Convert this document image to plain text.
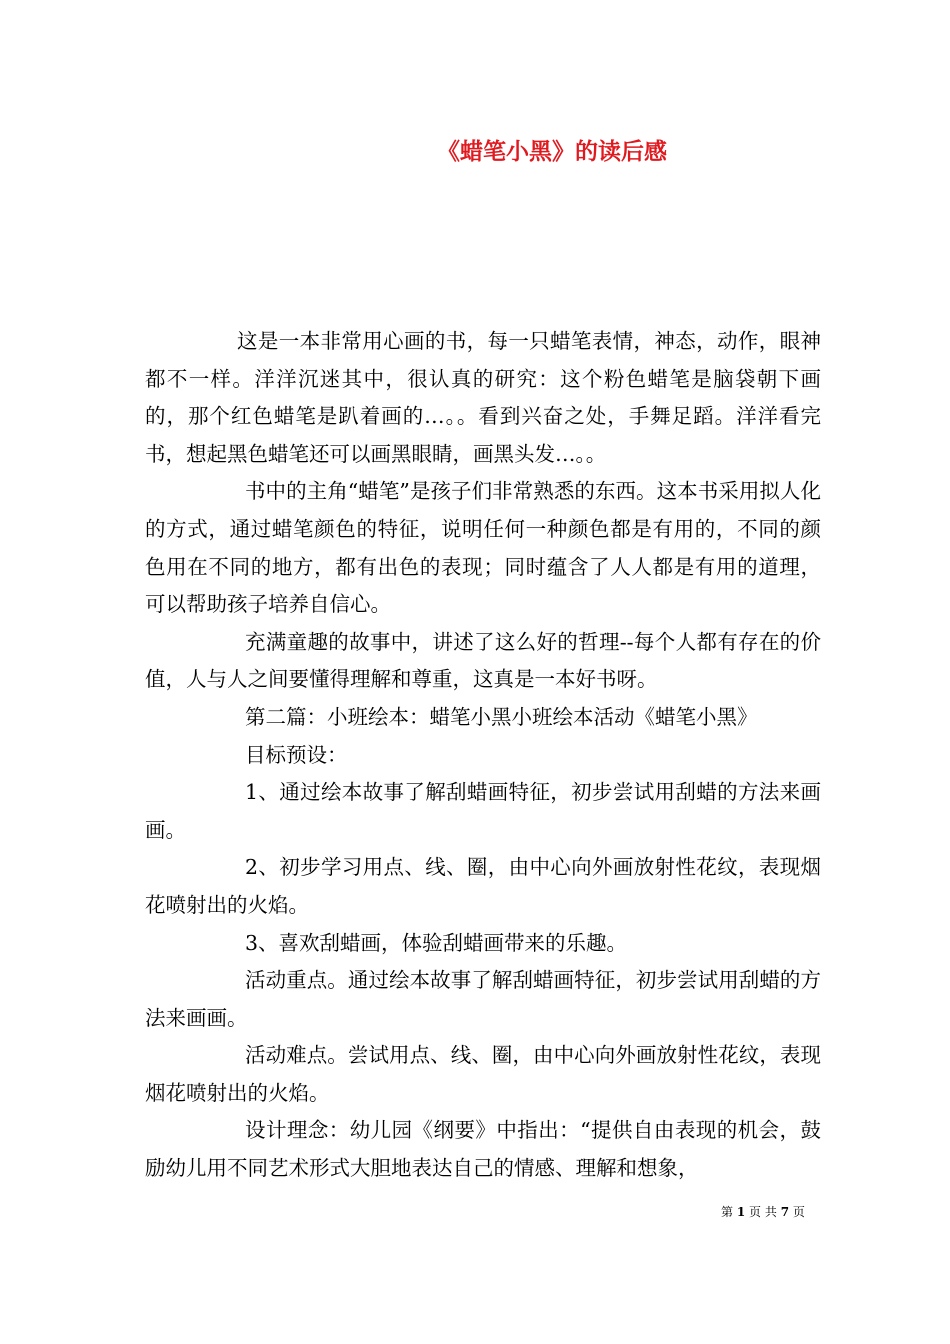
《蜡笔小黑》的读后感

这是一本非常用心画的书，每一只蜡笔表情，神态，动作，眼神都不一样。洋洋沉迷其中，很认真的研究：这个粉色蜡笔是脑袋朝下画的，那个红色蜡笔是趴着画的…。。看到兴奋之处，手舞足蹈。洋洋看完书，想起黑色蜡笔还可以画黑眼睛，画黑头发…。。

书中的主角“蜡笔”是孩子们非常熟悉的东西。这本书采用拟人化的方式，通过蜡笔颜色的特征，说明任何一种颜色都是有用的，不同的颜色用在不同的地方，都有出色的表现；同时蕴含了人人都是有用的道理，可以帮助孩子培养自信心。

充满童趣的故事中，讲述了这么好的哲理--每个人都有存在的价值，人与人之间要懂得理解和尊重，这真是一本好书呀。

第二篇：小班绘本：蜡笔小黑小班绘本活动《蜡笔小黑》

目标预设：

1、通过绘本故事了解刮蜡画特征，初步尝试用刮蜡的方法来画画。

2、初步学习用点、线、圈，由中心向外画放射性花纹，表现烟花喷射出的火焰。

3、喜欢刮蜡画，体验刮蜡画带来的乐趣。

活动重点。通过绘本故事了解刮蜡画特征，初步尝试用刮蜡的方法来画画。

活动难点。尝试用点、线、圈，由中心向外画放射性花纹，表现烟花喷射出的火焰。

设计理念：幼儿园《纲要》中指出：“提供自由表现的机会，鼓励幼儿用不同艺术形式大胆地表达自己的情感、理解和想象，

第 1 页 共 7 页
